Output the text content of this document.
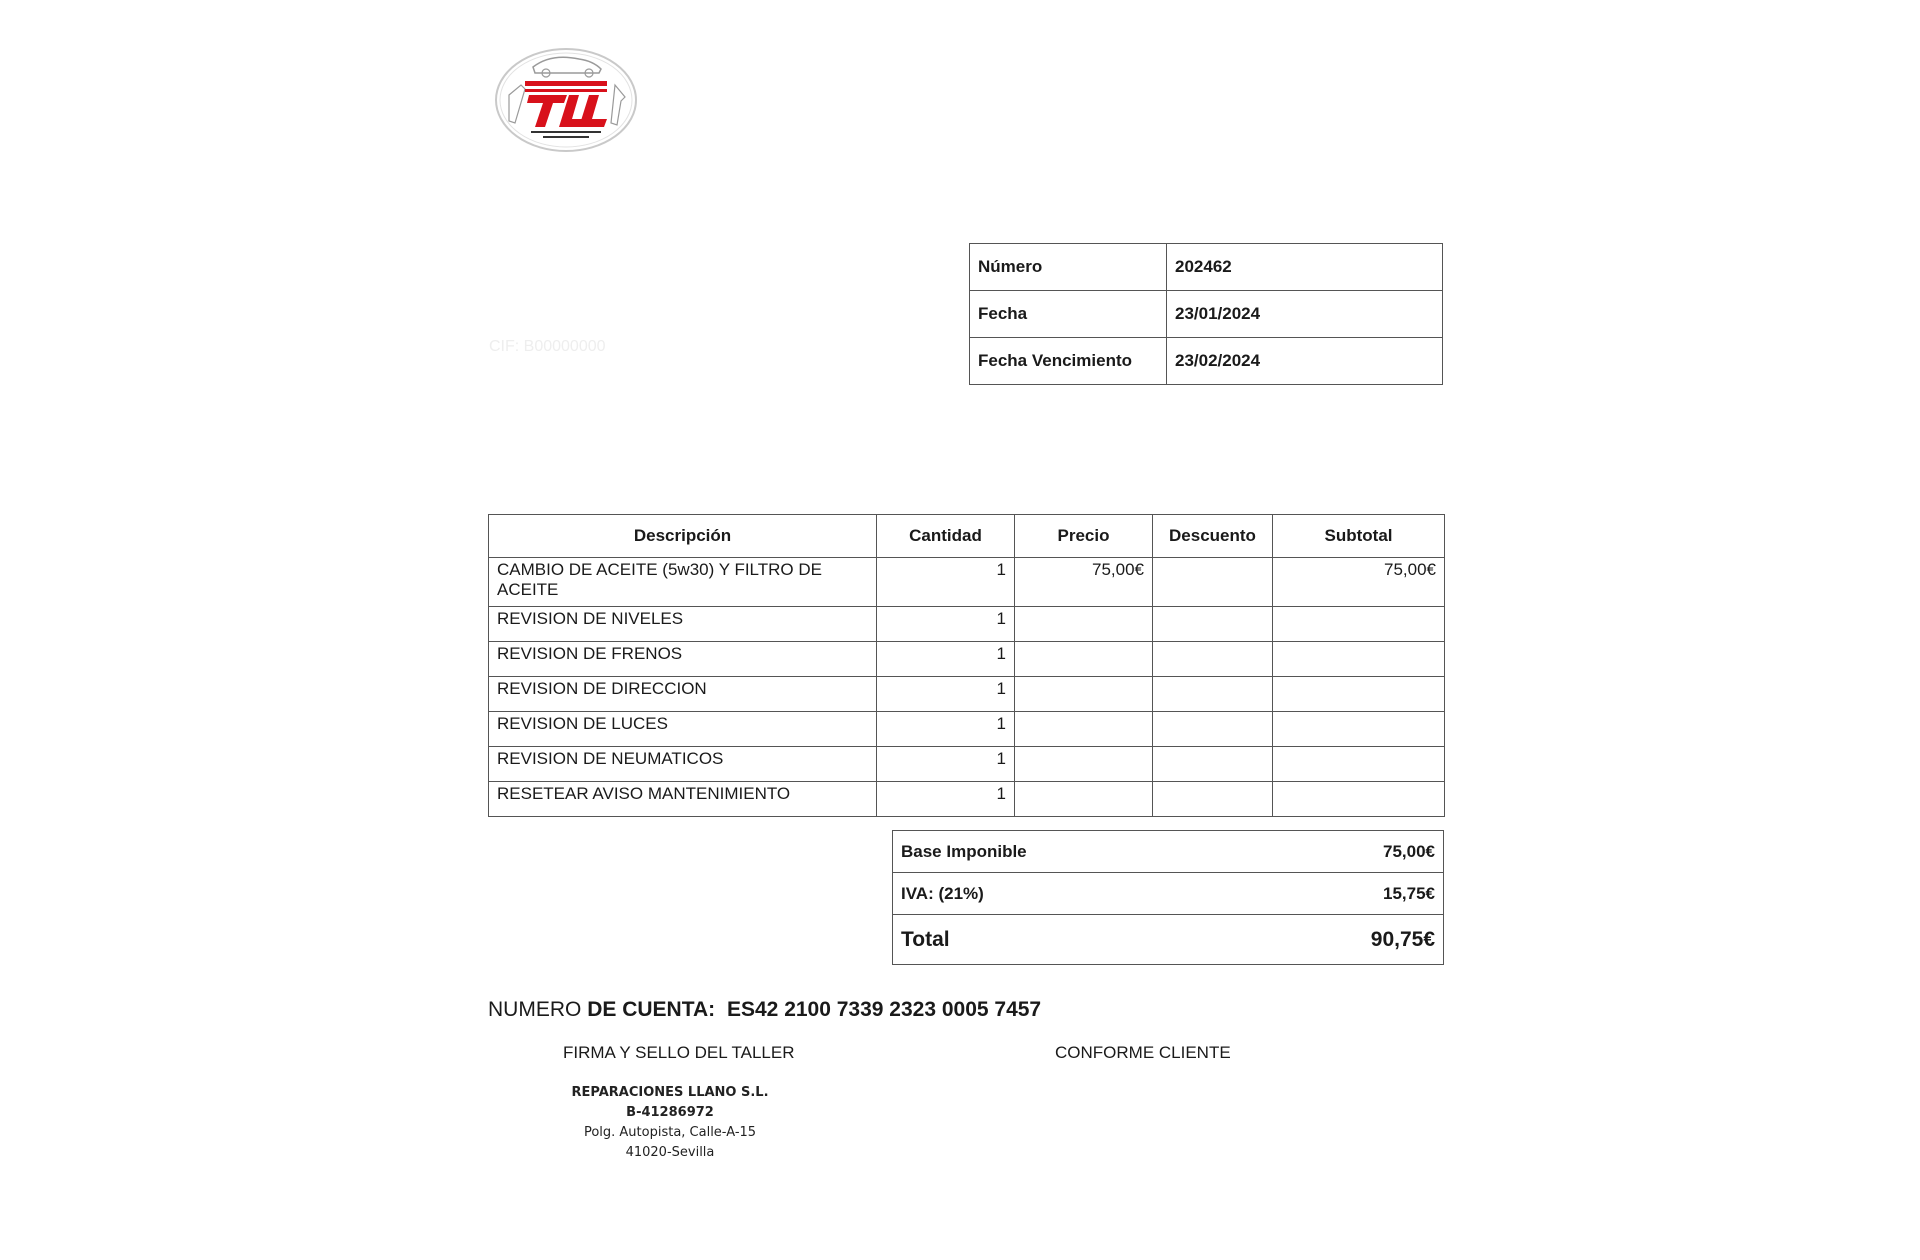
CIF: B00000000
Número	202462
Fecha	23/01/2024
Fecha Vencimiento	23/02/2024
Descripción	Cantidad	Precio	Descuento	Subtotal
CAMBIO DE ACEITE (5w30) Y FILTRO DE ACEITE	1	75,00€		75,00€
REVISION DE NIVELES	1			
REVISION DE FRENOS	1			
REVISION DE DIRECCION	1			
REVISION DE LUCES	1			
REVISION DE NEUMATICOS	1			
RESETEAR AVISO MANTENIMIENTO	1			
Base Imponible	75,00€
IVA: (21%)	15,75€
Total	90,75€
NUMERO DE CUENTA: ES42 2100 7339 2323 0005 7457
FIRMA Y SELLO DEL TALLER	CONFORME CLIENTE
REPARACIONES LLANO S.L.
B-41286972
Polg. Autopista, Calle-A-15
41020-Sevilla
